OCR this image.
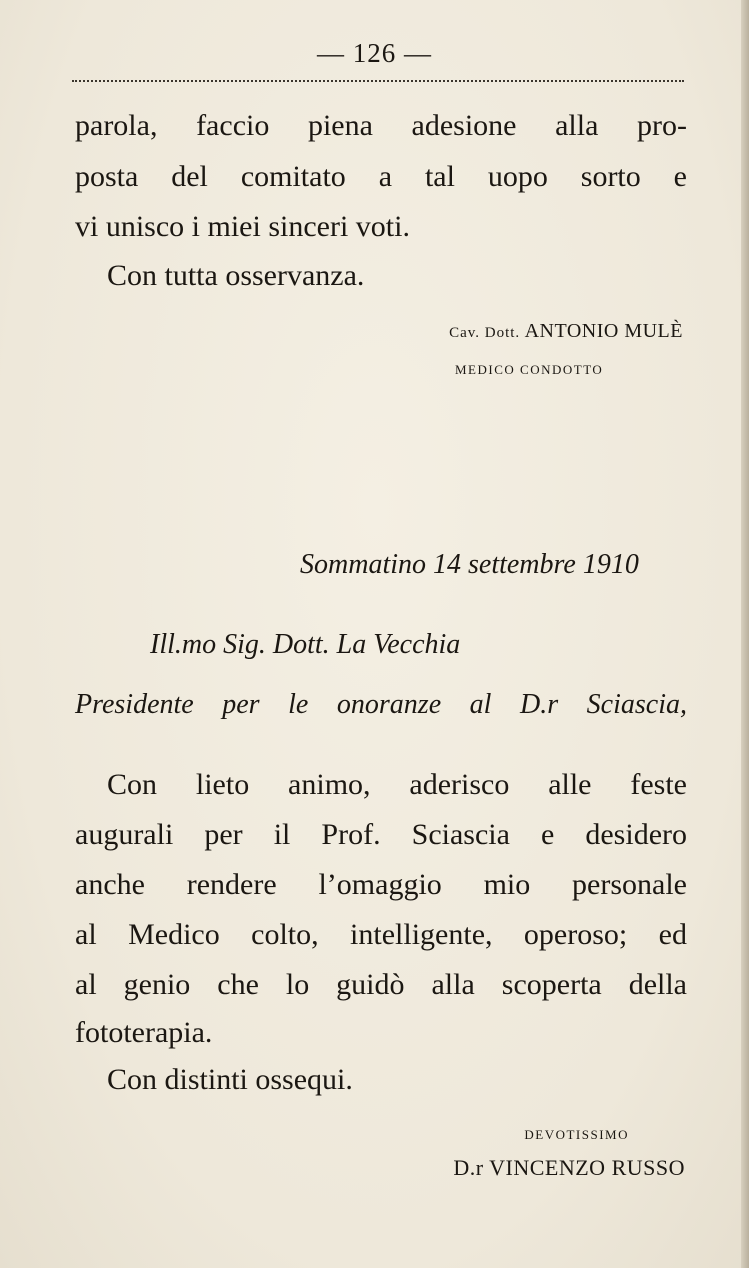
— 126 —
parola, faccio piena adesione alla pro-
posta del comitato a tal uopo sorto e
vi unisco i miei sinceri voti.
Con tutta osservanza.
Cav. Dott. ANTONIO MULÈ
MEDICO CONDOTTO
Sommatino 14 settembre 1910
Ill.mo Sig. Dott. La Vecchia
Presidente per le onoranze al D.r Sciascia,
Con lieto animo, aderisco alle feste
augurali per il Prof. Sciascia e desidero
anche rendere l’omaggio mio personale
al Medico colto, intelligente, operoso; ed
al genio che lo guidò alla scoperta della
fototerapia.
Con distinti ossequi.
DEVOTISSIMO
D.r VINCENZO RUSSO
